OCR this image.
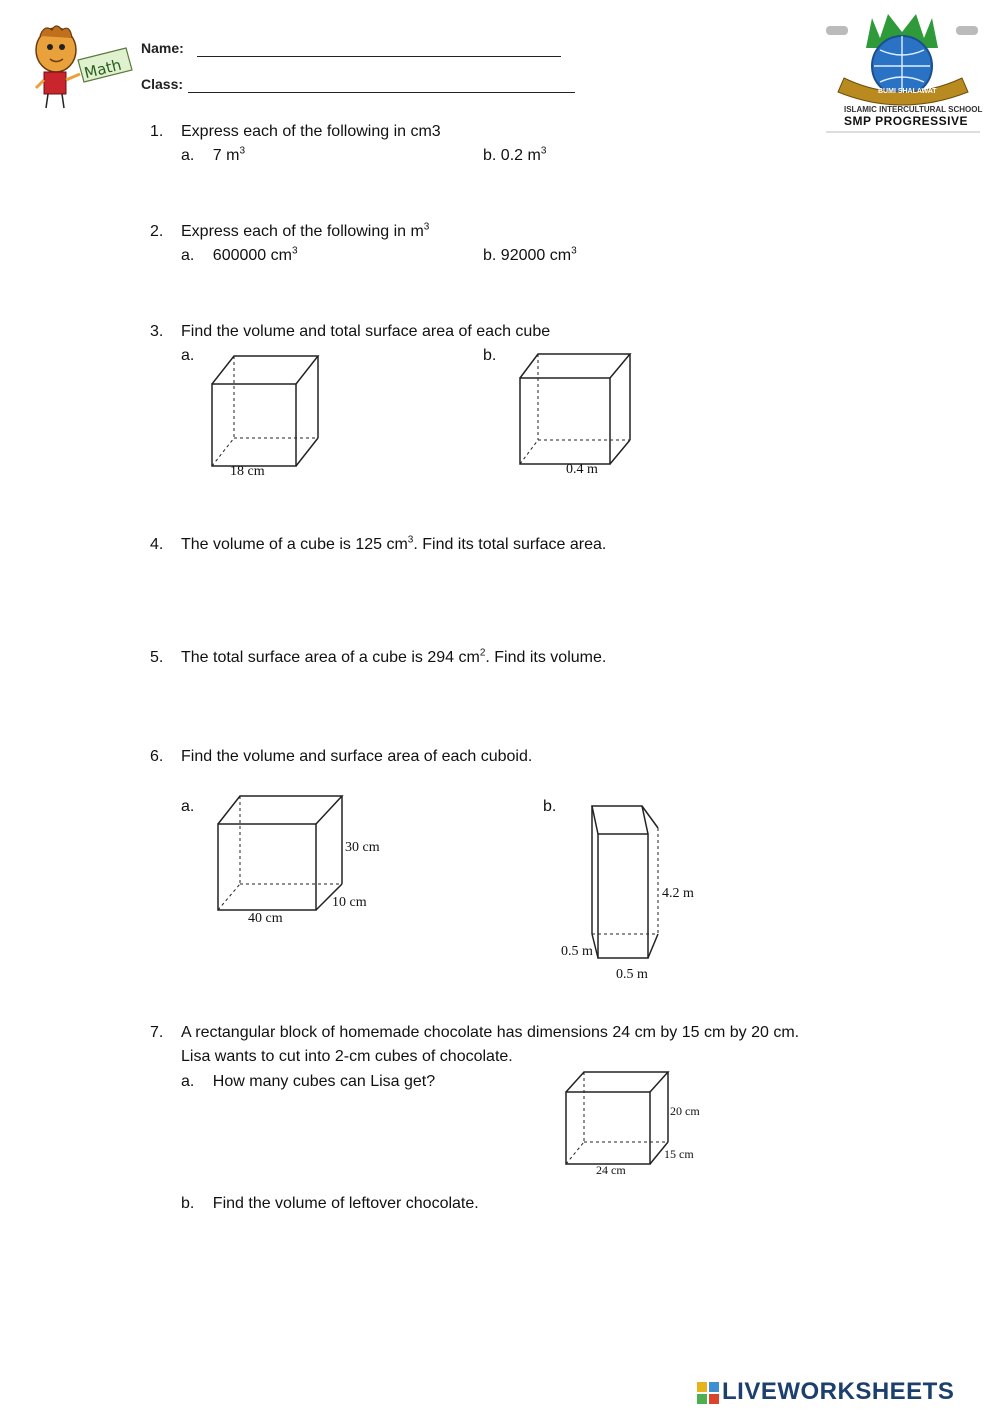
Math
Name:
Class:	BUMI SHALAWAT
ISLAMIC INTERCULTURAL SCHOOL
SMP PROGRESSIVE
1.	Express each of the following in cm3
a. 7 $m^3$	b. 0.2 $m^3$
2.	Express each of the following in $m^3$
a. 600000 $cm^3$	b. 92000 $cm^3$
3.	Find the volume and total surface area of each cube
a.	b.
18 cm	0.4 m
4.	The volume of a cube is 125 $cm^3$. Find its total surface area.
5.	The total surface area of a cube is 294 $cm^2$. Find its volume.
6.	Find the volume and surface area of each cuboid.
a.	b.
30 cm
10 cm
40 cm
4.2 m
0.5 m
0.5 m
7.	A rectangular block of homemade chocolate has dimensions 24 cm by 15 cm by 20 cm.
Lisa wants to cut into 2-cm cubes of chocolate.
a. How many cubes can Lisa get?
b. Find the volume of leftover chocolate.
20 cm
15 cm
24 cm
LIVEWORKSHEETS
